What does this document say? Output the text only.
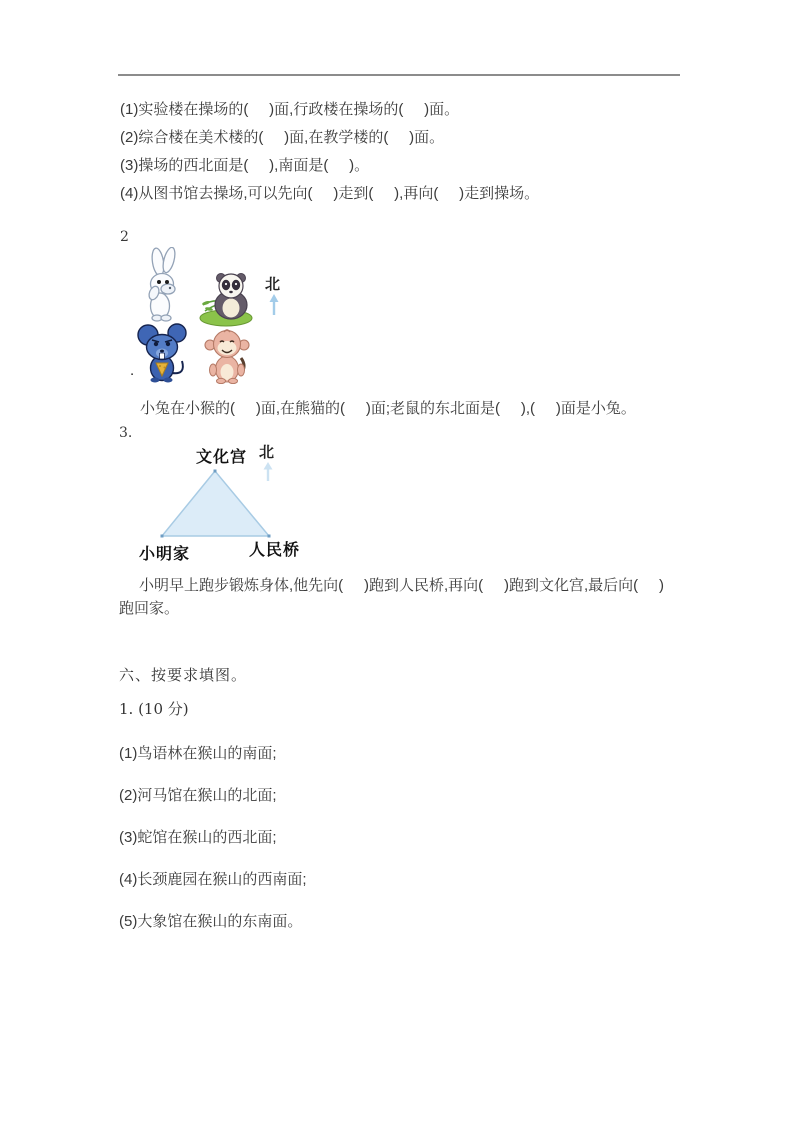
(1)实验楼在操场的(     )面,行政楼在操场的(     )面。
(2)综合楼在美术楼的(     )面,在教学楼的(     )面。
(3)操场的西北面是(     ),南面是(     )。
(4)从图书馆去操场,可以先向(     )走到(     ),再向(     )走到操场。
2
北
.
小兔在小猴的(     )面,在熊猫的(     )面;老鼠的东北面是(     ),(     )面是小兔。
3.
文化宫 北
小明家	人民桥
小明早上跑步锻炼身体,他先向(     )跑到人民桥,再向(     )跑到文化宫,最后向(     )
跑回家。
六、按要求填图。
1. (10 分)
(1)鸟语林在猴山的南面;
(2)河马馆在猴山的北面;
(3)蛇馆在猴山的西北面;
(4)长颈鹿园在猴山的西南面;
(5)大象馆在猴山的东南面。
